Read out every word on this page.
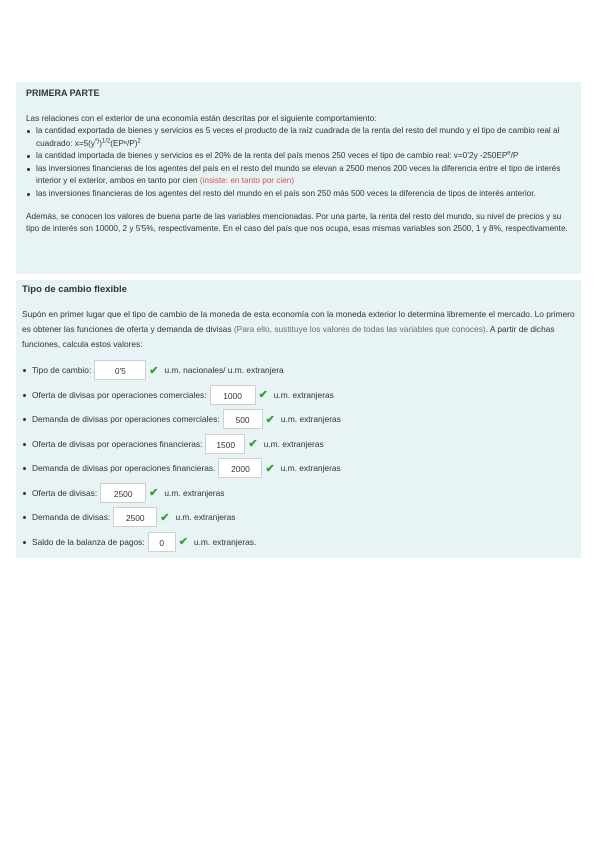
PRIMERA PARTE

Las relaciones con el exterior de una economía están descritas por el siguiente comportamiento:

la cantidad exportada de bienes y servicios es 5 veces el producto de la raíz cuadrada de la renta del resto del mundo y el tipo de cambio real al cuadrado: $x=5(y^{ᵉ)})^{1/2}(EPᵉ/P)^2$
la cantidad importada de bienes y servicios es el 20% de la renta del país menos 250 veces el tipo de cambio real: v=0’2y $-250EP^e/P$
las inversiones financieras de los agentes del país en el resto del mundo se elevan a 2500 menos 200 veces la diferencia entre el tipo de interés interior y el exterior, ambos en tanto por cien (insiste: en tanto por cien)
las inversiones financieras de los agentes del resto del mundo en el país son 250 más 500 veces la diferencia de tipos de interés anterior.

Además, se conocen los valores de buena parte de las variables mencionadas. Por una parte, la renta del resto del mundo, su nivel de precios y su tipo de interés son 10000, 2 y 5'5%, respectivamente. En el caso del país que nos ocupa, esas mismas variables son 2500, 1 y 8%, respectivamente.

Tipo de cambio flexible

Supón en primer lugar que el tipo de cambio de la moneda de esta economía con la moneda exterior lo determina libremente el mercado. Lo primero es obtener las funciones de oferta y demanda de divisas (Para ello, sustituye los valores de todas las variables que conoces). A partir de dichas funciones, calcula estos valores:

Tipo de cambio:	0'5	✔ u.m. nacionales/ u.m. extranjera
Oferta de divisas por operaciones comerciales:	1000	✔ u.m. extranjeras
Demanda de divisas por operaciones comerciales:	500	✔ u.m. extranjeras
Oferta de divisas por operaciones financieras:	1500	✔ u.m. extranjeras
Demanda de divisas por operaciones financieras.	2000	✔ u.m. extranjeras
Oferta de divisas:	2500	✔ u.m. extranjeras
Demanda de divisas:	2500	✔ u.m. extranjeras
Saldo de la balanza de pagos:	0	✔ u.m. extranjeras.
